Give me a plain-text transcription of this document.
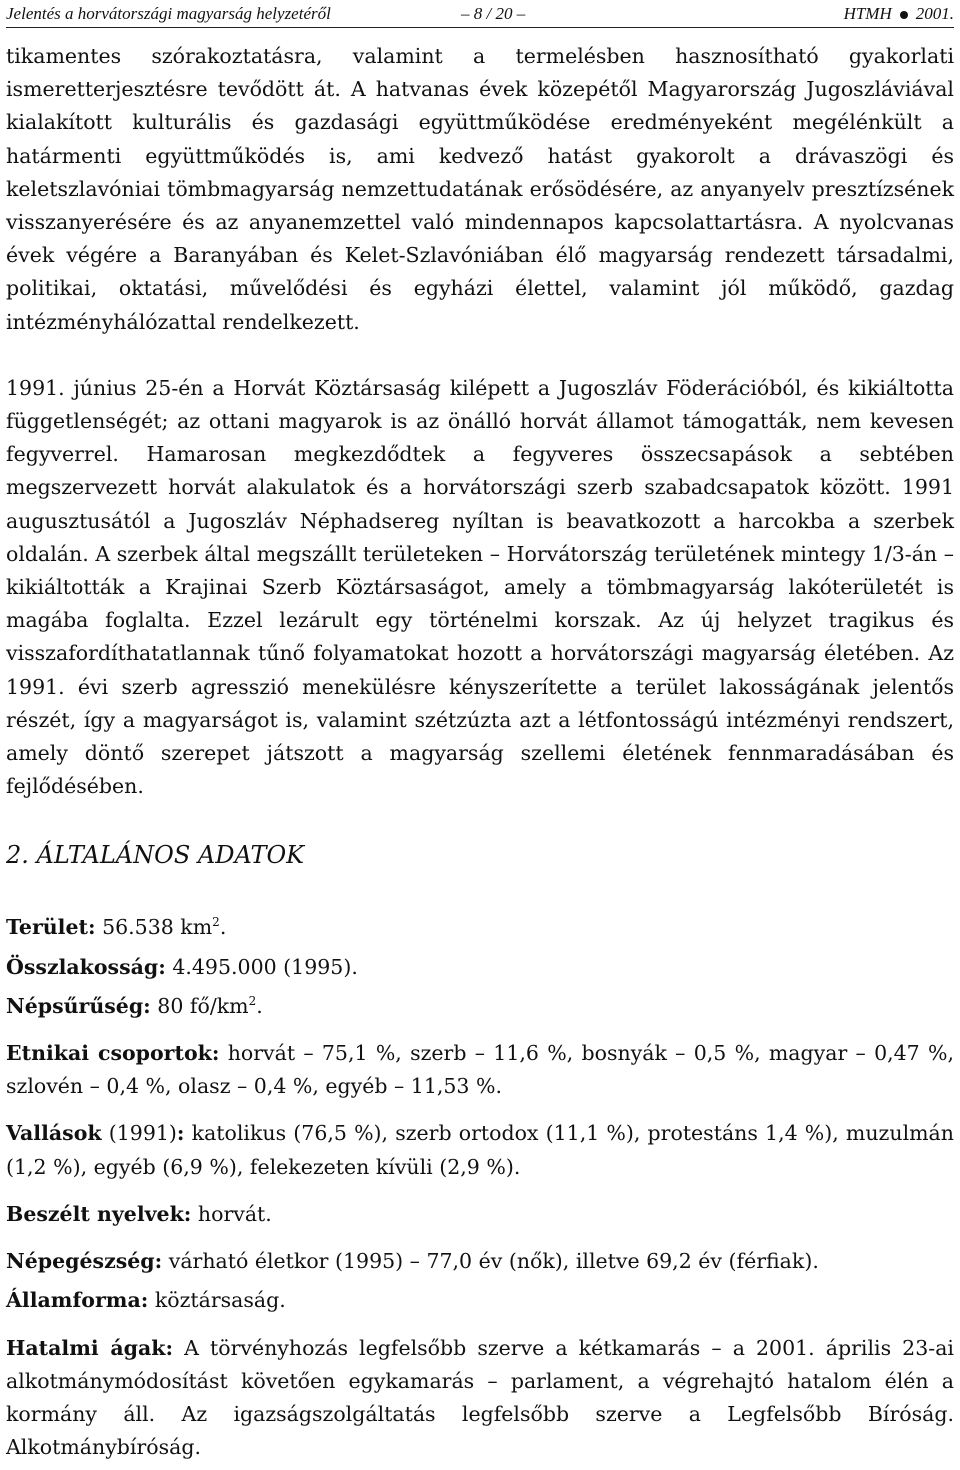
Jelentés a horvátországi magyarság helyzetéről	– 8 / 20 –	HTMH 2001.

tikamentes szórakoztatásra, valamint a termelésben hasznosítható gyakorlati ismeretterjesztésre tevődött át. A hatvanas évek közepétől Magyarország Jugoszláviával kialakított kulturális és gazdasági együttműködése eredményeként megélénkült a határmenti együttműködés is, ami kedvező hatást gyakorolt a drávaszögi és keletszlavóniai tömbmagyarság nemzettudatának erősödésére, az anyanyelv presztízsének visszanyerésére és az anyanemzettel való mindennapos kapcsolattartásra. A nyolcvanas évek végére a Baranyában és Kelet-Szlavóniában élő magyarság rendezett társadalmi, politikai, oktatási, művelődési és egyházi élettel, valamint jól működő, gazdag intézményhálózattal rendelkezett.

1991. június 25-én a Horvát Köztársaság kilépett a Jugoszláv Föderációból, és kikiáltotta függetlenségét; az ottani magyarok is az önálló horvát államot támogatták, nem kevesen fegyverrel. Hamarosan megkezdődtek a fegyveres összecsapások a sebtében megszervezett horvát alakulatok és a horvátországi szerb szabadcsapatok között. 1991 augusztusától a Jugoszláv Néphadsereg nyíltan is beavatkozott a harcokba a szerbek oldalán. A szerbek által megszállt területeken – Horvátország területének mintegy 1/3-án – kikiáltották a Krajinai Szerb Köztársaságot, amely a tömbmagyarság lakóterületét is magába foglalta. Ezzel lezárult egy történelmi korszak. Az új helyzet tragikus és visszafordíthatatlannak tűnő folyamatokat hozott a horvátországi magyarság életében. Az 1991. évi szerb agresszió menekülésre kényszerítette a terület lakosságának jelentős részét, így a magyarságot is, valamint szétzúzta azt a létfontosságú intézményi rendszert, amely döntő szerepet játszott a magyarság szellemi életének fennmaradásában és fejlődésében.

2. ÁLTALÁNOS ADATOK
Terület: 56.538 $km^2$.
Összlakosság: 4.495.000 (1995).
Népsűrűség: 80 $fő/km^2$.
Etnikai csoportok: horvát – 75,1 %, szerb – 11,6 %, bosnyák – 0,5 %, magyar – 0,47 %, szlovén – 0,4 %, olasz – 0,4 %, egyéb – 11,53 %.
Vallások (1991): katolikus (76,5 %), szerb ortodox (11,1 %), protestáns 1,4 %), muzulmán (1,2 %), egyéb (6,9 %), felekezeten kívüli (2,9 %).
Beszélt nyelvek: horvát.
Népegészség: várható életkor (1995) – 77,0 év (nők), illetve 69,2 év (férfiak).
Államforma: köztársaság.
Hatalmi ágak: A törvényhozás legfelsőbb szerve a kétkamarás – a 2001. április 23-ai alkotmánymódosítást követően egykamarás – parlament, a végrehajtó hatalom élén a kormány áll. Az igazságszolgáltatás legfelsőbb szerve a Legfelsőbb Bíróság. Alkotmánybíróság.
